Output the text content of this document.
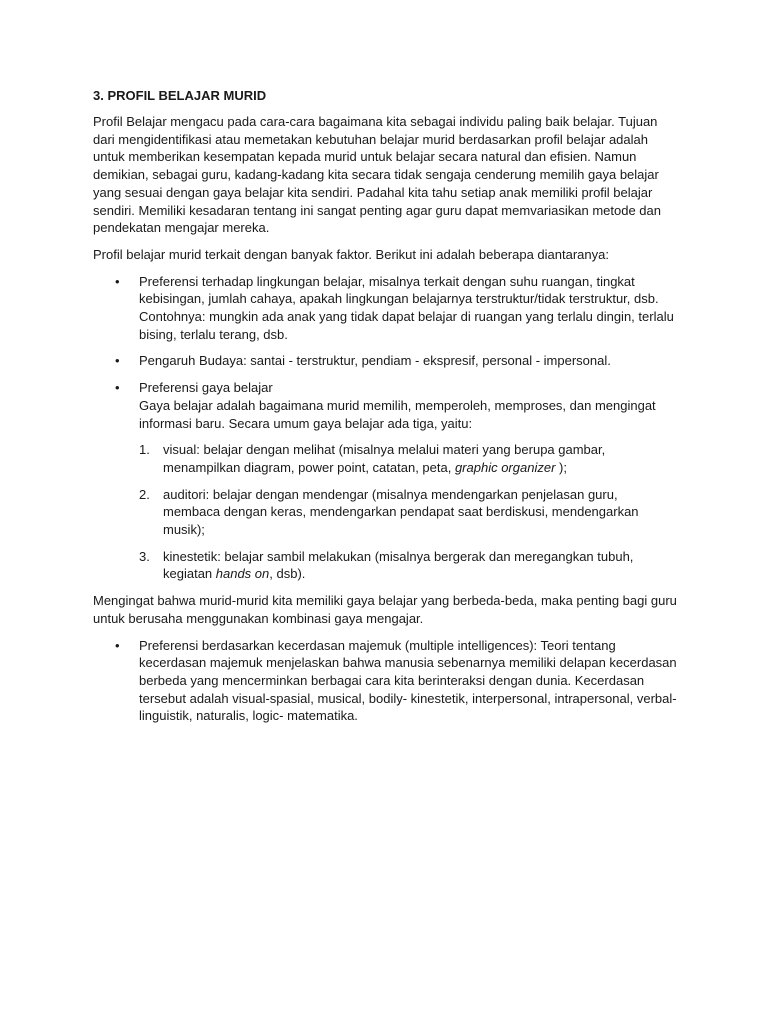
3. PROFIL BELAJAR MURID

Profil Belajar mengacu pada cara-cara bagaimana kita sebagai individu paling baik belajar. Tujuan dari mengidentifikasi atau memetakan kebutuhan belajar murid berdasarkan profil belajar adalah untuk memberikan kesempatan kepada murid untuk belajar secara natural dan efisien. Namun demikian, sebagai guru, kadang-kadang kita secara tidak sengaja cenderung memilih gaya belajar yang sesuai dengan gaya belajar kita sendiri. Padahal kita tahu setiap anak memiliki profil belajar sendiri. Memiliki kesadaran tentang ini sangat penting agar guru dapat memvariasikan metode dan pendekatan mengajar mereka.

Profil belajar murid terkait dengan banyak faktor. Berikut ini adalah beberapa diantaranya:

• Preferensi terhadap lingkungan belajar, misalnya terkait dengan suhu ruangan, tingkat kebisingan, jumlah cahaya, apakah lingkungan belajarnya terstruktur/tidak terstruktur, dsb. Contohnya: mungkin ada anak yang tidak dapat belajar di ruangan yang terlalu dingin, terlalu bising, terlalu terang, dsb.
• Pengaruh Budaya: santai - terstruktur, pendiam - ekspresif, personal - impersonal.
• Preferensi gaya belajar
Gaya belajar adalah bagaimana murid memilih, memperoleh, memproses, dan mengingat informasi baru. Secara umum gaya belajar ada tiga, yaitu:
1. visual: belajar dengan melihat (misalnya melalui materi yang berupa gambar, menampilkan diagram, power point, catatan, peta, graphic organizer );
2. auditori: belajar dengan mendengar (misalnya mendengarkan penjelasan guru, membaca dengan keras, mendengarkan pendapat saat berdiskusi, mendengarkan musik);
3. kinestetik: belajar sambil melakukan (misalnya bergerak dan meregangkan tubuh, kegiatan hands on, dsb).

Mengingat bahwa murid-murid kita memiliki gaya belajar yang berbeda-beda, maka penting bagi guru untuk berusaha menggunakan kombinasi gaya mengajar.

• Preferensi berdasarkan kecerdasan majemuk (multiple intelligences): Teori tentang kecerdasan majemuk menjelaskan bahwa manusia sebenarnya memiliki delapan kecerdasan berbeda yang mencerminkan berbagai cara kita berinteraksi dengan dunia. Kecerdasan tersebut adalah visual-spasial, musical, bodily- kinestetik, interpersonal, intrapersonal, verbal-linguistik, naturalis, logic- matematika.
